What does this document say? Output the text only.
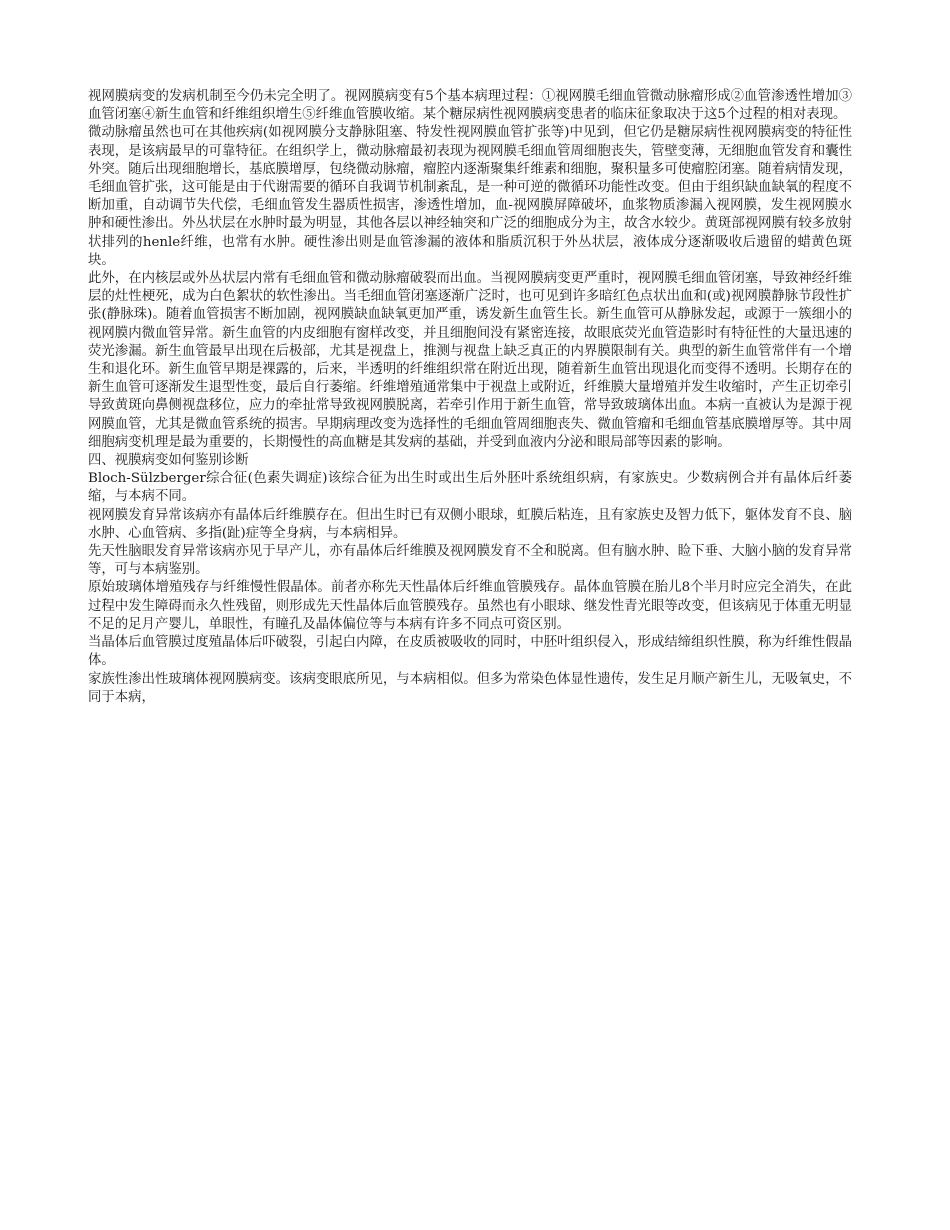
视网膜病变的发病机制至今仍未完全明了。视网膜病变有5个基本病理过程：①视网膜毛细血管微动脉瘤形成②血管渗透性增加③血管闭塞④新生血管和纤维组织增生⑤纤维血管膜收缩。某个糖尿病性视网膜病变患者的临床征象取决于这5个过程的相对表现。

微动脉瘤虽然也可在其他疾病(如视网膜分支静脉阻塞、特发性视网膜血管扩张等)中见到，但它仍是糖尿病性视网膜病变的特征性表现，是该病最早的可靠特征。在组织学上，微动脉瘤最初表现为视网膜毛细血管周细胞丧失，管壁变薄，无细胞血管发育和囊性外突。随后出现细胞增长，基底膜增厚，包绕微动脉瘤，瘤腔内逐渐聚集纤维素和细胞，聚积量多可使瘤腔闭塞。随着病情发现，毛细血管扩张，这可能是由于代谢需要的循环自我调节机制紊乱，是一种可逆的微循环功能性改变。但由于组织缺血缺氧的程度不断加重，自动调节失代偿，毛细血管发生器质性损害，渗透性增加，血-视网膜屏障破坏，血浆物质渗漏入视网膜，发生视网膜水肿和硬性渗出。外丛状层在水肿时最为明显，其他各层以神经轴突和广泛的细胞成分为主，故含水较少。黄斑部视网膜有较多放射状排列的henle纤维，也常有水肿。硬性渗出则是血管渗漏的液体和脂质沉积于外丛状层，液体成分逐渐吸收后遗留的蜡黄色斑块。

此外，在内核层或外丛状层内常有毛细血管和微动脉瘤破裂而出血。当视网膜病变更严重时，视网膜毛细血管闭塞，导致神经纤维层的灶性梗死，成为白色絮状的软性渗出。当毛细血管闭塞逐渐广泛时，也可见到许多暗红色点状出血和(或)视网膜静脉节段性扩张(静脉珠)。随着血管损害不断加剧，视网膜缺血缺氧更加严重，诱发新生血管生长。新生血管可从静脉发起，或源于一簇细小的视网膜内微血管异常。新生血管的内皮细胞有窗样改变，并且细胞间没有紧密连接，故眼底荧光血管造影时有特征性的大量迅速的荧光渗漏。新生血管最早出现在后极部，尤其是视盘上，推测与视盘上缺乏真正的内界膜限制有关。典型的新生血管常伴有一个增生和退化环。新生血管早期是裸露的，后来，半透明的纤维组织常在附近出现，随着新生血管出现退化而变得不透明。长期存在的新生血管可逐渐发生退型性变，最后自行萎缩。纤维增殖通常集中于视盘上或附近，纤维膜大量增殖并发生收缩时，产生正切牵引导致黄斑向鼻侧视盘移位，应力的牵扯常导致视网膜脱离，若牵引作用于新生血管，常导致玻璃体出血。本病一直被认为是源于视网膜血管，尤其是微血管系统的损害。早期病理改变为选择性的毛细血管周细胞丧失、微血管瘤和毛细血管基底膜增厚等。其中周细胞病变机理是最为重要的，长期慢性的高血糖是其发病的基础，并受到血液内分泌和眼局部等因素的影响。

四、视膜病变如何鉴别诊断

Bloch-Sülzberger综合征(色素失调症)该综合征为出生时或出生后外胚叶系统组织病，有家族史。少数病例合并有晶体后纤萎缩，与本病不同。

视网膜发育异常该病亦有晶体后纤维膜存在。但出生时已有双侧小眼球，虹膜后粘连，且有家族史及智力低下，躯体发育不良、脑水肿、心血管病、多指(趾)症等全身病，与本病相异。

先天性脑眼发育异常该病亦见于早产儿，亦有晶体后纤维膜及视网膜发育不全和脱离。但有脑水肿、睑下垂、大脑小脑的发育异常等，可与本病鉴别。

原始玻璃体增殖残存与纤维慢性假晶体。前者亦称先天性晶体后纤维血管膜残存。晶体血管膜在胎儿8个半月时应完全消失，在此过程中发生障碍而永久性残留，则形成先天性晶体后血管膜残存。虽然也有小眼球、继发性青光眼等改变，但该病见于体重无明显不足的足月产婴儿，单眼性，有瞳孔及晶体偏位等与本病有许多不同点可资区别。

当晶体后血管膜过度殖晶体后吓破裂，引起白内障，在皮质被吸收的同时，中胚叶组织侵入，形成结缔组织性膜，称为纤维性假晶体。

家族性渗出性玻璃体视网膜病变。该病变眼底所见，与本病相似。但多为常染色体显性遗传，发生足月顺产新生儿，无吸氧史，不同于本病，
